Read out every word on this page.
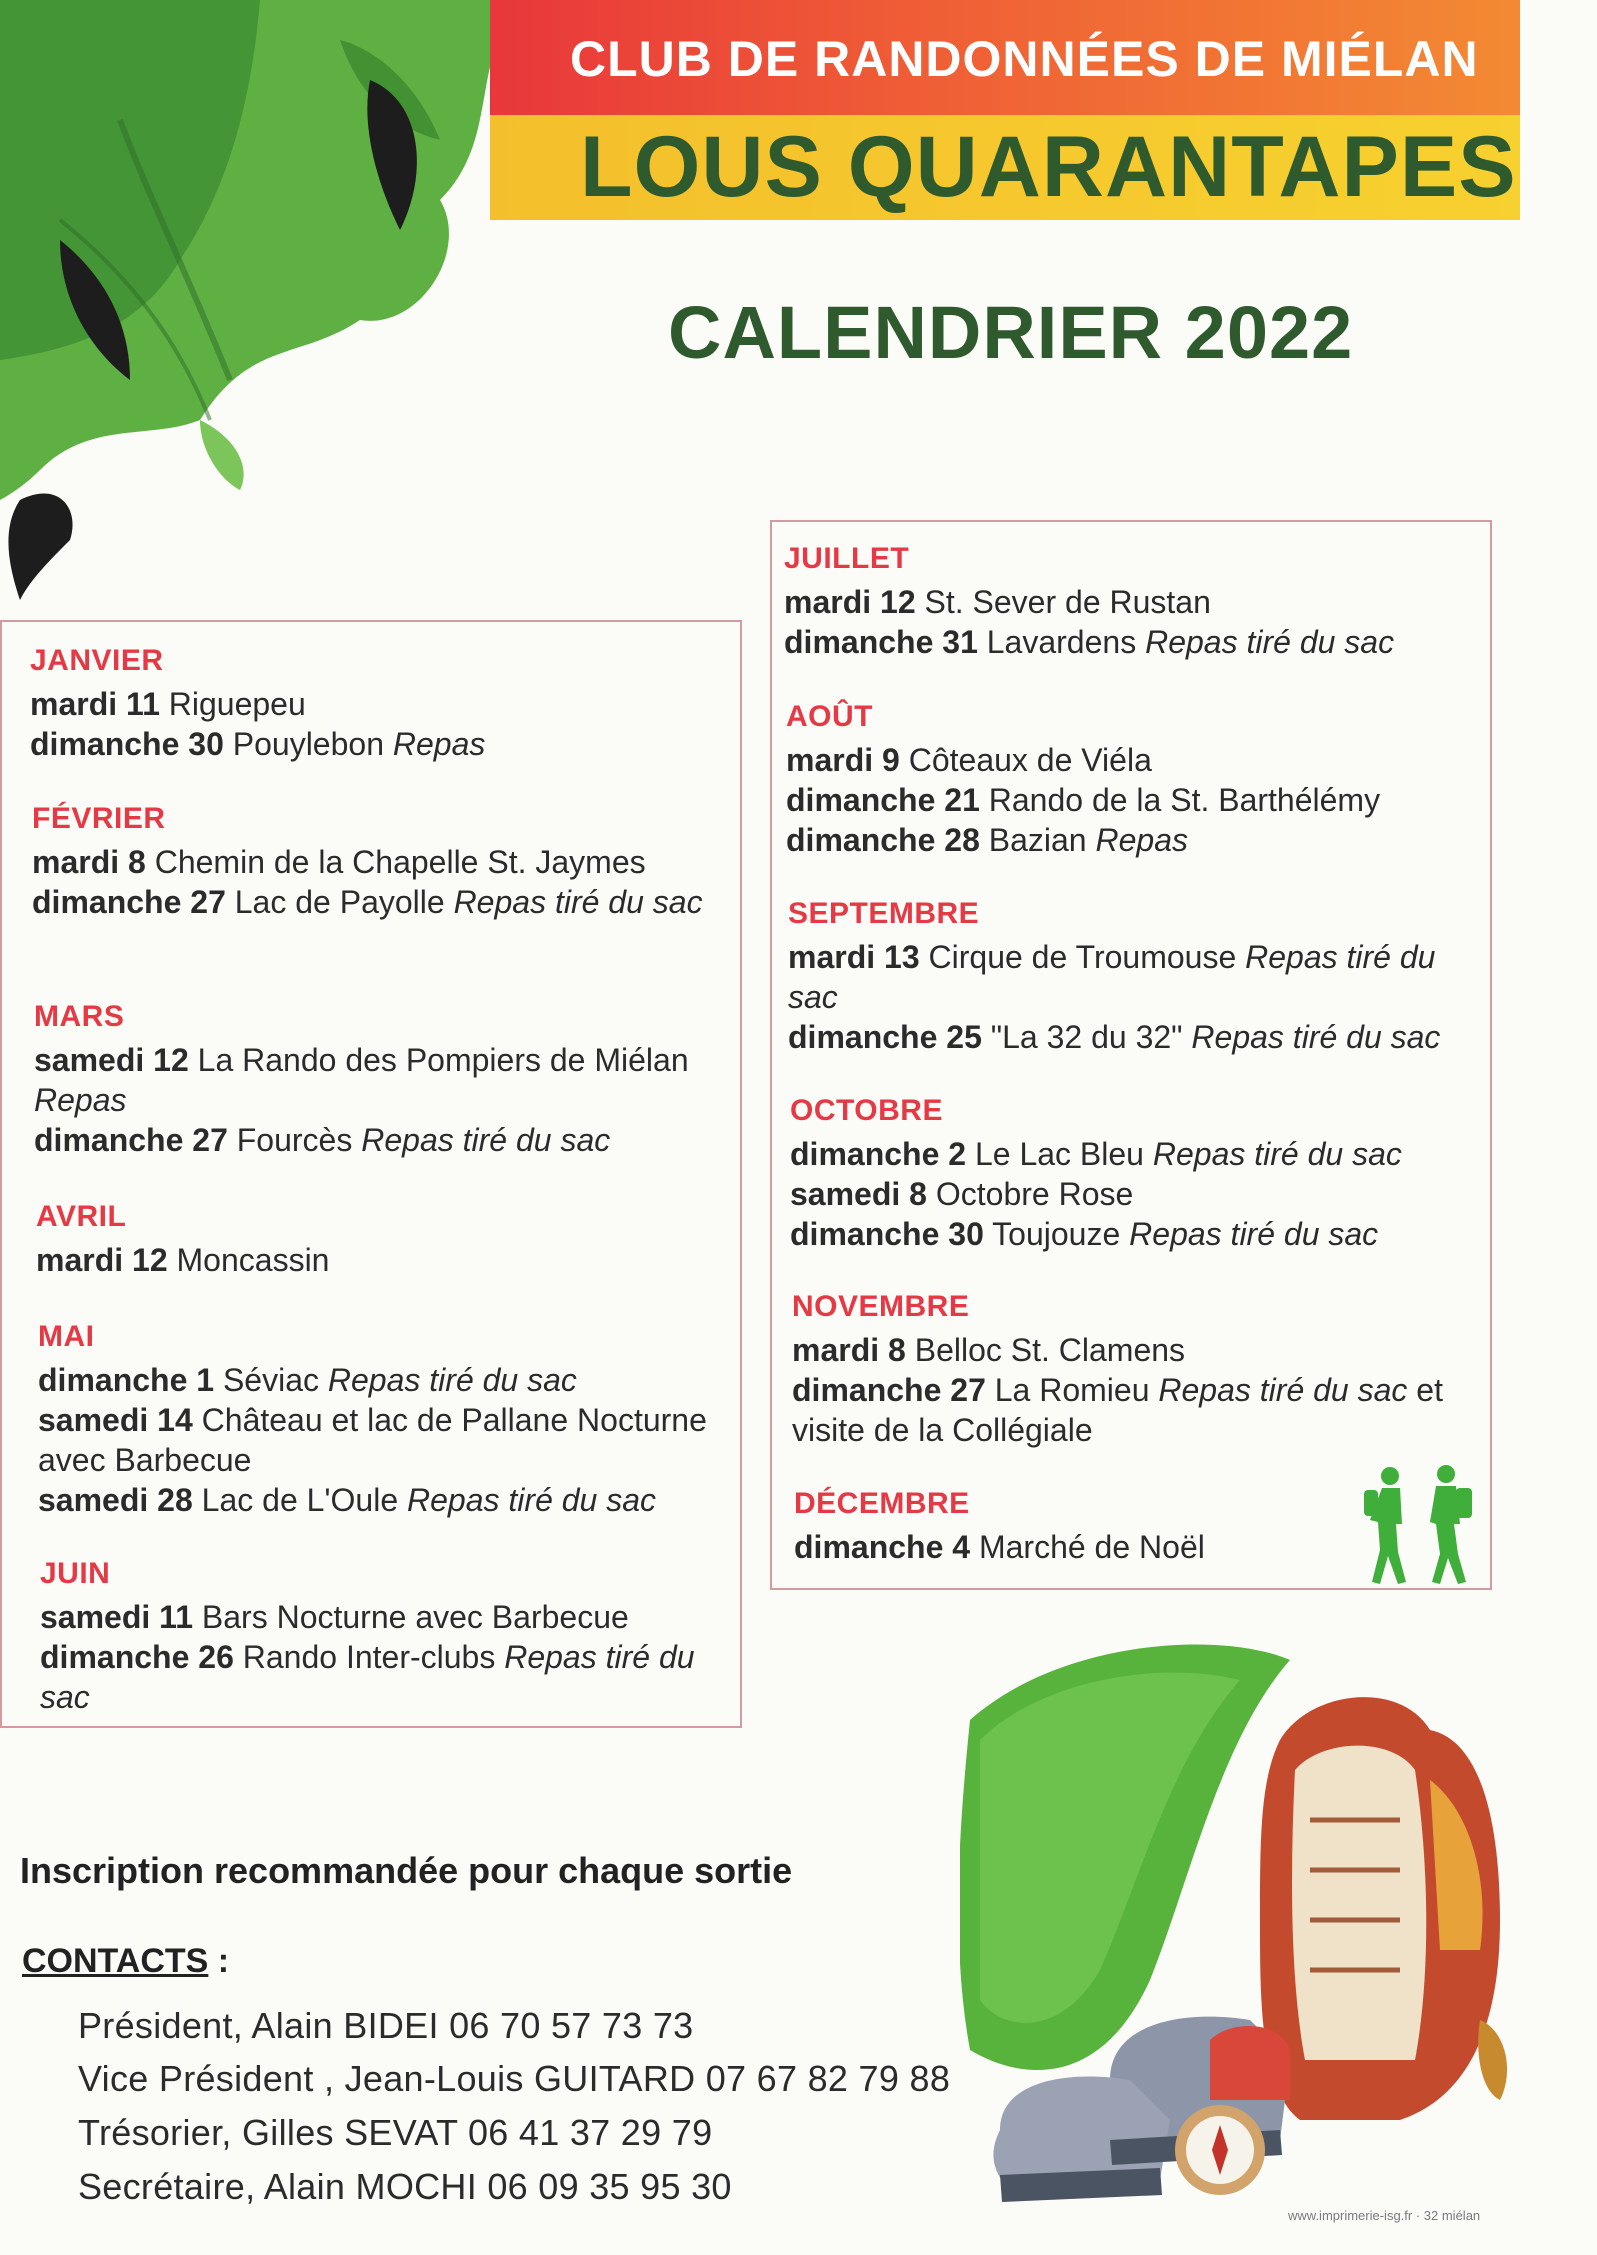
CLUB DE RANDONNÉES DE MIÉLAN
LOUS QUARANTAPES
CALENDRIER 2022
JANVIER
mardi 11 Riguepeu
dimanche 30 Pouylebon Repas
FÉVRIER
mardi 8 Chemin de la Chapelle St. Jaymes
dimanche 27 Lac de Payolle Repas tiré du sac
MARS
samedi 12 La Rando des Pompiers de Miélan Repas
dimanche 27 Fourcès Repas tiré du sac
AVRIL
mardi 12 Moncassin
MAI
dimanche 1 Séviac Repas tiré du sac
samedi 14 Château et lac de Pallane Nocturne avec Barbecue
samedi 28 Lac de L'Oule Repas tiré du sac
JUIN
samedi 11 Bars Nocturne avec Barbecue
dimanche 26 Rando Inter-clubs Repas tiré du sac
JUILLET
mardi 12 St. Sever de Rustan
dimanche 31 Lavardens Repas tiré du sac
AOÛT
mardi 9 Côteaux de Viéla
dimanche 21 Rando de la St. Barthélémy
dimanche 28 Bazian Repas
SEPTEMBRE
mardi 13 Cirque de Troumouse Repas tiré du sac
dimanche 25 "La 32 du 32" Repas tiré du sac
OCTOBRE
dimanche 2 Le Lac Bleu Repas tiré du sac
samedi 8 Octobre Rose
dimanche 30 Toujouze Repas tiré du sac
NOVEMBRE
mardi 8 Belloc St. Clamens
dimanche 27 La Romieu Repas tiré du sac et visite de la Collégiale
DÉCEMBRE
dimanche 4 Marché de Noël
Inscription recommandée pour chaque sortie
CONTACTS :
Président, Alain BIDEI 06 70 57 73 73
Vice Président , Jean-Louis GUITARD 07 67 82 79 88
Trésorier, Gilles SEVAT 06 41 37 29 79
Secrétaire, Alain MOCHI 06 09 35 95 30
www.imprimerie-isg.fr · 32 miélan
